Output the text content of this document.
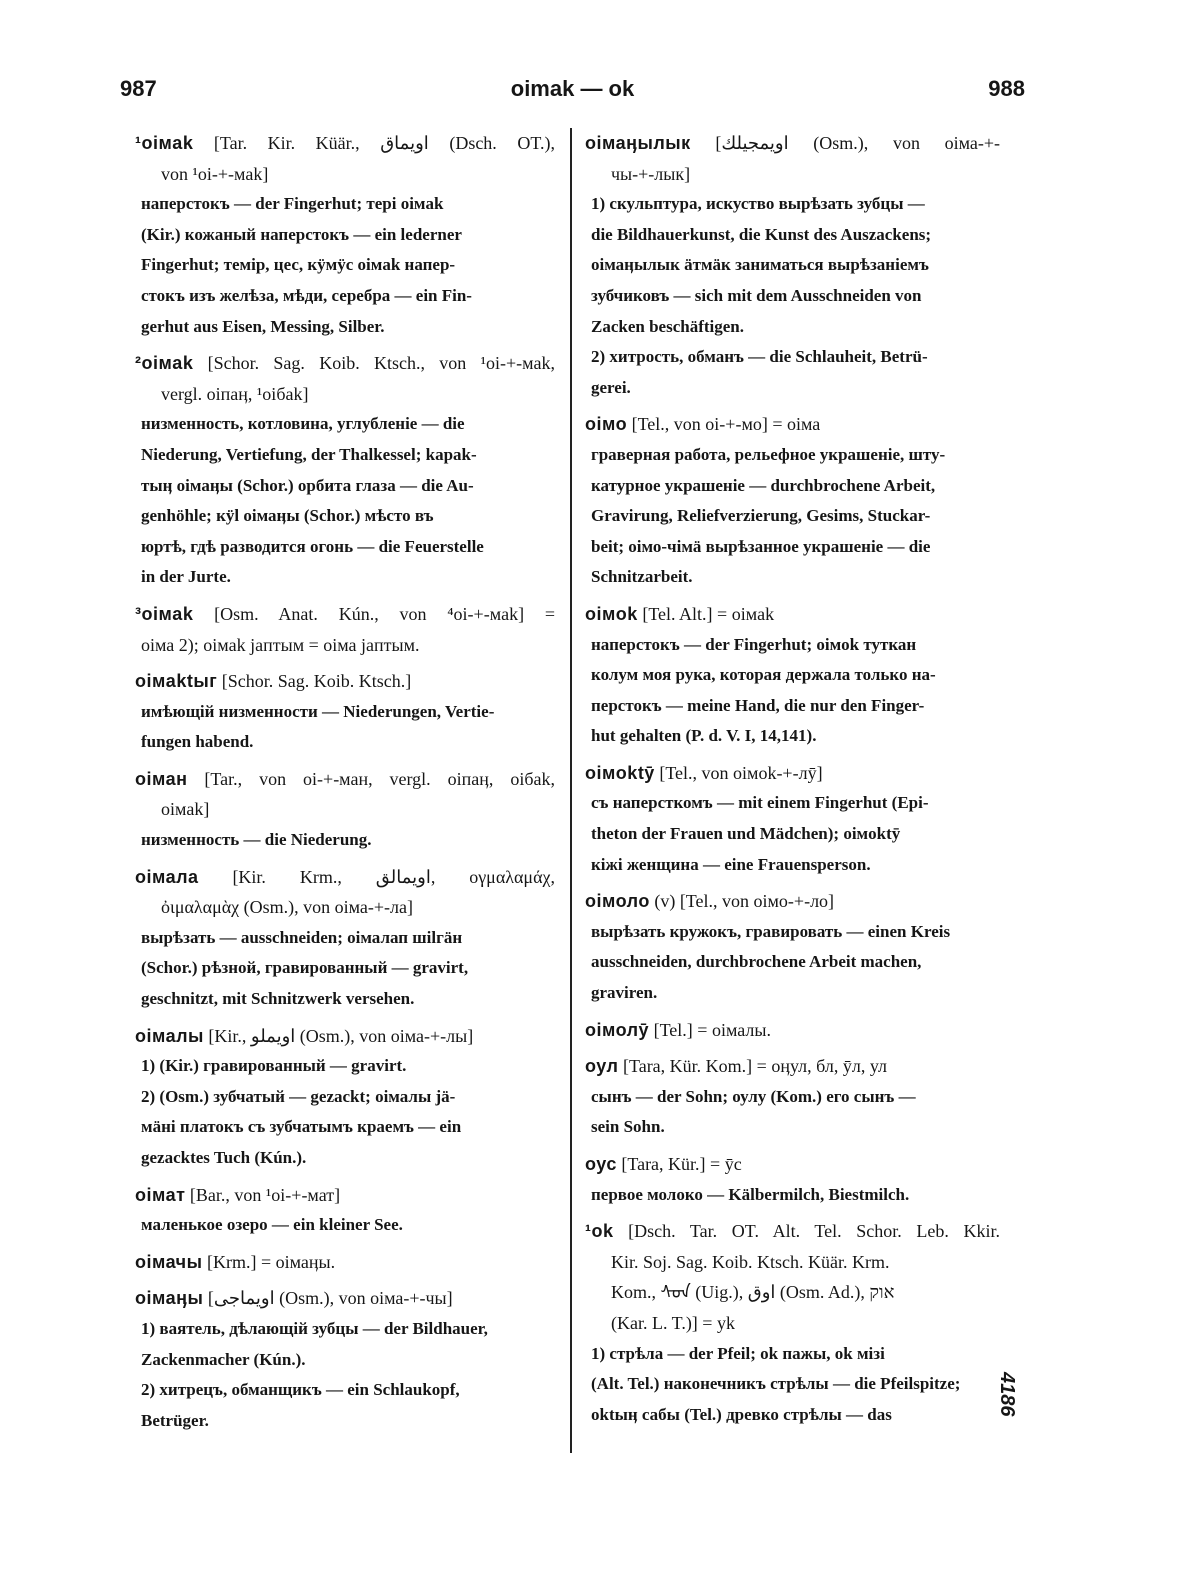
987	oimak — ok	988
¹oiмak [Tar. Kir. Küär., اويماق (Dsch. OT.),
von ¹oi-+-мak]
наперстокъ — der Fingerhut; тері oiмak
(Kir.) кожаный наперстокъ — ein lederner
Fingerhut; темір, цес, кӱмӱс oiмak напер-
стокъ изъ желѣза, мѣди, серебра — ein Fin-
gerhut aus Eisen, Messing, Silber.
²oiмak [Schor. Sag. Koib. Ktsch., von ¹oi-+-мak,
vergl. oiпаӊ, ¹oiбak]
низменность, котловина, углубленіе — die
Niederung, Vertiefung, der Thalkessel; kapak-
тыӊ oiмаӊы (Schor.) орбита глаза — die Au-
genhöhle; кӱl oiмаӊы (Schor.) мѣсто въ
юртѣ, гдѣ разводится огонь — die Feuerstelle
in der Jurte.
³oiмak [Osm. Anat. Kún., von ⁴oi-+-мak] =
oiма 2); oiмak jaптым = oiма jaптым.
oiмaktыг [Schor. Sag. Koib. Ktsch.]
имѣющій низменности — Niederungen, Vertie-
fungen habend.
oiман [Tar., von oi-+-ман, vergl. oiпаӊ, oiбak,
oiмak]
низменность — die Niederung.
oiмала [Kir. Krm., اويمالق, ογμαλαμάχ,
ὀιμαλαμὰχ (Osm.), von oiма-+-ла]
вырѣзать — ausschneiden; oiмалап шilгäн
(Schor.) рѣзной, гравированный — gravirt,
geschnitzt, mit Schnitzwerk versehen.
oiмалы [Kir., اويملو (Osm.), von oiма-+-лы]
1) (Kir.) гравированный — gravirt.
2) (Osm.) зубчатый — gezackt; oiмалы jä-
мäнi платокъ съ зубчатымъ краемъ — ein
gezacktes Tuch (Kún.).
oiмат [Bar., von ¹oi-+-мат]
маленькое озеро — ein kleiner See.
oiмачы [Krm.] = oiмаӊы.
oiмаӊы [اويماجى (Osm.), von oiма-+-чы]
1) ваятель, дѣлающій зубцы — der Bildhauer,
Zackenmacher (Kún.).
2) хитрецъ, обманщикъ — ein Schlaukopf,
Betrüger.
oiмаӊылык [اويمجيلك (Osm.), von oiма-+-
чы-+-лык]
1) скульптура, искуство вырѣзать зубцы —
die Bildhauerkunst, die Kunst des Auszackens;
oiмаӊылык äтмäк заниматься вырѣзаніемъ
зубчиковъ — sich mit dem Ausschneiden von
Zacken beschäftigen.
2) хитрость, обманъ — die Schlauheit, Betrü-
gerei.
oiмо [Tel., von oi-+-мо] = oiма
граверная работа, рельефное украшеніе, шту-
катурное украшеніе — durchbrochene Arbeit,
Gravirung, Reliefverzierung, Gesims, Stuckar-
beit; oiмо-чiмä вырѣзанное украшеніе — die
Schnitzarbeit.
oiмok [Tel. Alt.] = oiмak
наперстокъ — der Fingerhut; oiмok туткан
колум моя рука, которая держала только на-
перстокъ — meine Hand, die nur den Finger-
hut gehalten (P. d. V. I, 14,141).
oiмoktӯ [Tel., von oiмok-+-лӯ]
съ наперсткомъ — mit einem Fingerhut (Epi-
theton der Frauen und Mädchen); oiмoktӯ
кiжi женщина — eine Frauensperson.
oiмоло (v) [Tel., von oiмо-+-ло]
вырѣзать кружокъ, гравировать — einen Kreis
ausschneiden, durchbrochene Arbeit machen,
graviren.
oiмолӯ [Tel.] = oiмалы.
оул [Tara, Kür. Kom.] = оӊул, бл, ӯл, ул
сынъ — der Sohn; оулу (Kom.) его сынъ —
sein Sohn.
оус [Tara, Kür.] = ӯс
первое молоко — Kälbermilch, Biestmilch.
¹ok [Dsch. Tar. OT. Alt. Tel. Schor. Leb. Kkir.
Kir. Soj. Sag. Koib. Ktsch. Küär. Krm.
Kom., ᠰᠣᠨ (Uig.), اوق (Osm. Ad.), אוק
(Kar. L. T.)] = yk
1) стрѣла — der Pfeil; ok пажы, ok мiзi
(Alt. Tel.) наконечникъ стрѣлы — die Pfeilspitze;
oktыӊ сабы (Tel.) древко стрѣлы — das	4186
